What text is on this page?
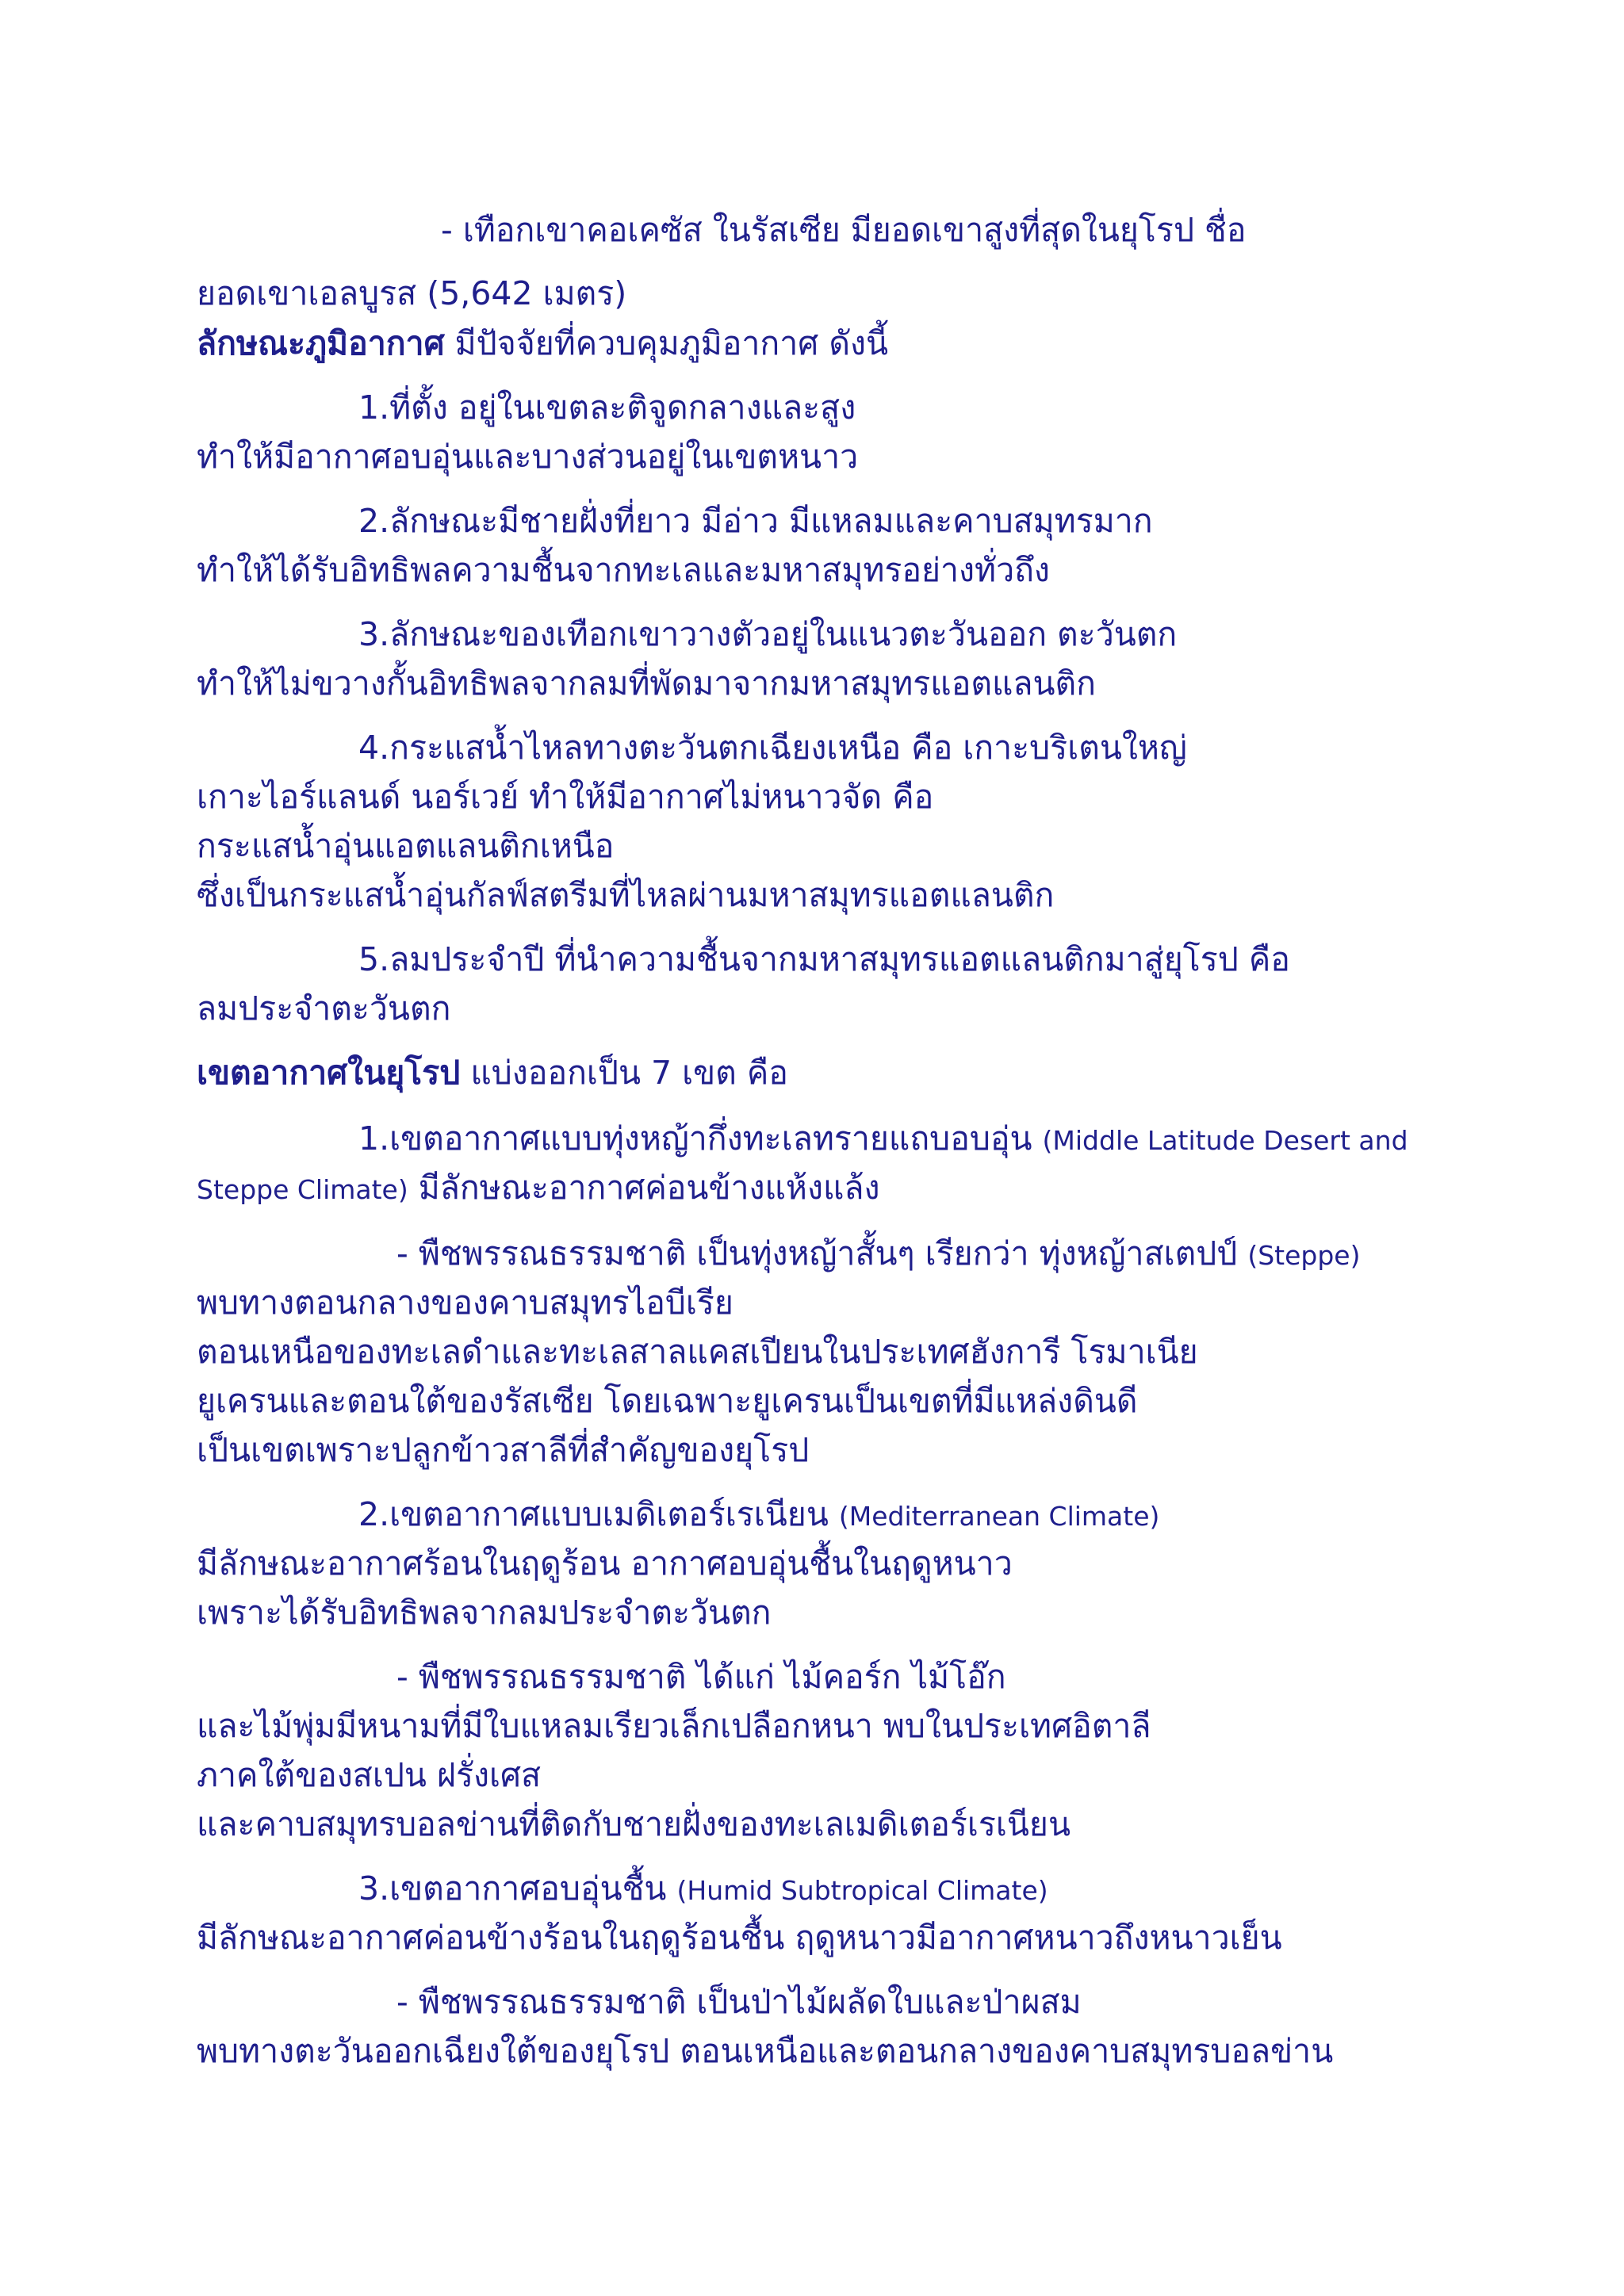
- เทือกเขาคอเคซัส ในรัสเซีย มียอดเขาสูงที่สุดในยุโรป ชื่อ
ยอดเขาเอลบูรส (5,642 เมตร)
ลักษณะภูมิอากาศ มีปัจจัยที่ควบคุมภูมิอากาศ ดังนี้
1.ที่ตั้ง อยู่ในเขตละติจูดกลางและสูง
ทำให้มีอากาศอบอุ่นและบางส่วนอยู่ในเขตหนาว
2.ลักษณะมีชายฝั่งที่ยาว มีอ่าว มีแหลมและคาบสมุทรมาก
ทำให้ได้รับอิทธิพลความชื้นจากทะเลและมหาสมุทรอย่างทั่วถึง
3.ลักษณะของเทือกเขาวางตัวอยู่ในแนวตะวันออก ตะวันตก
ทำให้ไม่ขวางกั้นอิทธิพลจากลมที่พัดมาจากมหาสมุทรแอตแลนติก
4.กระแสน้ำไหลทางตะวันตกเฉียงเหนือ คือ เกาะบริเตนใหญ่
เกาะไอร์แลนด์ นอร์เวย์ ทำให้มีอากาศไม่หนาวจัด คือ
กระแสน้ำอุ่นแอตแลนติกเหนือ
ซึ่งเป็นกระแสน้ำอุ่นกัลฟ์สตรีมที่ไหลผ่านมหาสมุทรแอตแลนติก
5.ลมประจำปี ที่นำความชื้นจากมหาสมุทรแอตแลนติกมาสู่ยุโรป คือ
ลมประจำตะวันตก
เขตอากาศในยุโรป แบ่งออกเป็น 7 เขต คือ
1.เขตอากาศแบบทุ่งหญ้ากึ่งทะเลทรายแถบอบอุ่น (Middle Latitude Desert and
Steppe Climate) มีลักษณะอากาศค่อนข้างแห้งแล้ง
- พืชพรรณธรรมชาติ เป็นทุ่งหญ้าสั้นๆ เรียกว่า ทุ่งหญ้าสเตปป์ (Steppe)
พบทางตอนกลางของคาบสมุทรไอบีเรีย
ตอนเหนือของทะเลดำและทะเลสาลแคสเปียนในประเทศฮังการี โรมาเนีย
ยูเครนและตอนใต้ของรัสเซีย โดยเฉพาะยูเครนเป็นเขตที่มีแหล่งดินดี
เป็นเขตเพราะปลูกข้าวสาลีที่สำคัญของยุโรป
2.เขตอากาศแบบเมดิเตอร์เรเนียน (Mediterranean Climate)
มีลักษณะอากาศร้อนในฤดูร้อน อากาศอบอุ่นชื้นในฤดูหนาว
เพราะได้รับอิทธิพลจากลมประจำตะวันตก
- พืชพรรณธรรมชาติ ได้แก่ ไม้คอร์ก ไม้โอ๊ก
และไม้พุ่มมีหนามที่มีใบแหลมเรียวเล็กเปลือกหนา พบในประเทศอิตาลี
ภาคใต้ของสเปน ฝรั่งเศส
และคาบสมุทรบอลข่านที่ติดกับชายฝั่งของทะเลเมดิเตอร์เรเนียน
3.เขตอากาศอบอุ่นชื้น (Humid Subtropical Climate)
มีลักษณะอากาศค่อนข้างร้อนในฤดูร้อนชื้น ฤดูหนาวมีอากาศหนาวถึงหนาวเย็น
- พืชพรรณธรรมชาติ เป็นป่าไม้ผลัดใบและป่าผสม
พบทางตะวันออกเฉียงใต้ของยุโรป ตอนเหนือและตอนกลางของคาบสมุทรบอลข่าน
